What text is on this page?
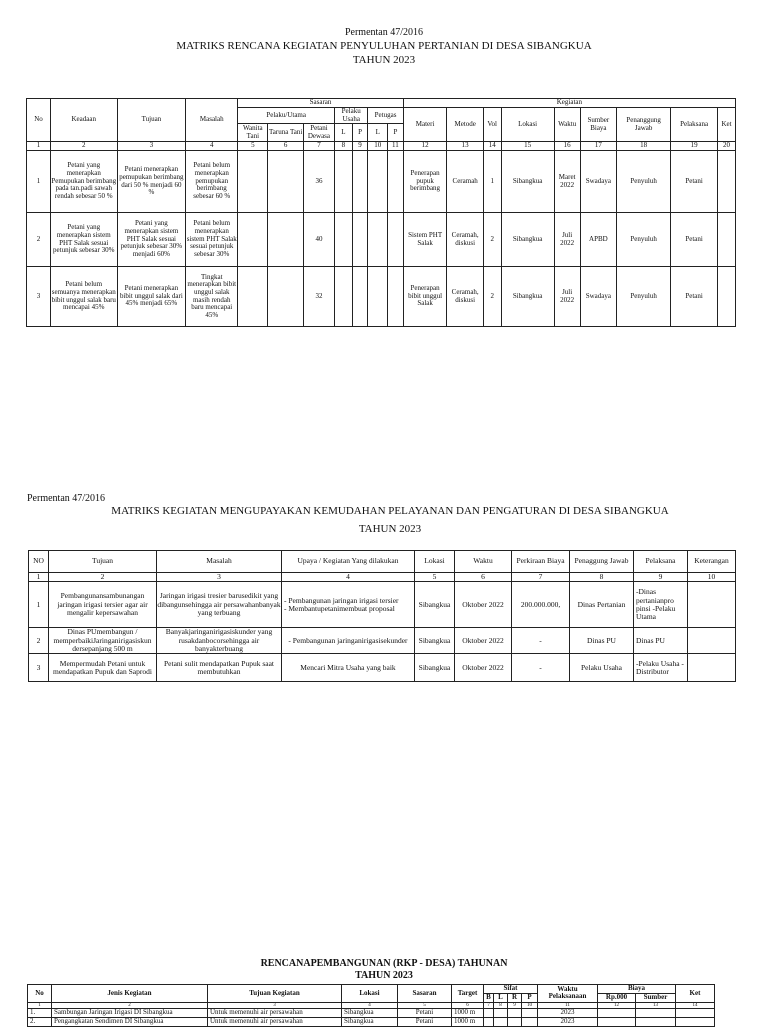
Permentan 47/2016
MATRIKS RENCANA KEGIATAN PENYULUHAN PERTANIAN DI DESA SIBANGKUA
TAHUN 2023
No	Keadaan	Tujuan	Masalah	Sasaran							Kegiatan								
				Pelaku/Utama			Pelaku Usaha		Petugas		Materi	Metode	Vol	Lokasi	Waktu	Sumber Biaya	Penanggung Jawab	Pelaksana	Ket
				Wanita Tani	Taruna Tani	Petani Dewasa	L	P	L	P									
1	2	3	4	5	6	7	8	9	10	11	12	13	14	15	16	17	18	19	20
1	Petani yang menerapkan Pemupukan berimbang pada tan.padi sawah rendah sebesar 50 %	Petani menerapkan pemupukan berimbang dari 50 % menjadi 60 %	Petani belum menerapkan pemupukan berimbang sebesar 60 %			36					Penerapan pupuk berimbang	Ceramah	1	Sibangkua	Maret 2022	Swadaya	Penyuluh	Petani	
2	Petani yang menerapkan sistem PHT Salak sesuai petunjuk sebesar 30%	Petani yang menerapkan sistem PHT Salak sesuai petunjuk sebesar 30% menjadi 60%	Petani belum menerapkan sistem PHT Salak sesuai petunjuk sebesar 30%			40					Sistem PHT Salak	Ceramah, diskusi	2	Sibangkua	Juli 2022	APBD	Penyuluh	Petani	
3	Petani belum semuanya menerapkan bibit unggul salak baru mencapai 45%	Petani menerapkan bibit unggul salak dari 45% menjadi 65%	Tingkat menerapkan bibit unggul salak masih rendah baru mencapai 45%			32					Penerapan bibit unggul Salak	Ceramah, diskusi	2	Sibangkua	Juli 2022	Swadaya	Penyuluh	Petani	
Permentan 47/2016
MATRIKS KEGIATAN MENGUPAYAKAN KEMUDAHAN PELAYANAN DAN PENGATURAN DI DESA SIBANGKUA
TAHUN 2023
NO	Tujuan	Masalah	Upaya / Kegiatan Yang dilakukan	Lokasi	Waktu	Perkiraan Biaya	Penaggung Jawab	Pelaksana	Keterangan
1	2	3	4	5	6	7	8	9	10
1	Pembangunansambunangan jaringan irigasi tersier agar air mengalir kepersawahan	Jaringan irigasi tresier barusedikit yang dibangunsehingga air persawahanbanyak yang terbuang	- Pembangunan jaringan irigasi tersier
- Membantupetanimembuat proposal	Sibangkua	Oktober 2022	200.000.000,	Dinas Pertanian	-Dinas pertanianpro pinsi -Pelaku Utama	
2	Dinas PUmembangun / memperbaikiJaringanirigasiskun dersepanjang 500 m	Banyakjaringanirigasiskunder yang rusakdanbocorsehingga air banyakterbuang	- Pembangunan jaringanirigasisekunder	Sibangkua	Oktober 2022	-	Dinas PU	Dinas PU	
3	Mempermudah Petani untuk mendapatkan Pupuk dan Saprodi	Petani sulit mendapatkan Pupuk saat membutuhkan	Mencari Mitra Usaha yang baik	Sibangkua	Oktober 2022	-	Pelaku Usaha	-Pelaku Usaha -Distributor	
RENCANAPEMBANGUNAN (RKP - DESA) TAHUNAN
TAHUN 2023
No	Jenis Kegiatan	Tujuan Kegiatan	Lokasi	Sasaran	Target	Sifat				Waktu Pelaksanaan	Biaya		Ket
						B	L	R	P		Rp.000	Sumber	
1	2	3	4	5	6	7	8	9	10	11	12	13	14
1.	Sambungan Jaringan Irigasi DI Sibangkua	Untuk memenuhi air persawahan	Sibangkua	Petani	1000 m					2023			
2.	Pengangkatan Sendimen DI Sibangkua	Untuk memenuhi air persawahan	Sibangkua	Petani	1000 m					2023			
